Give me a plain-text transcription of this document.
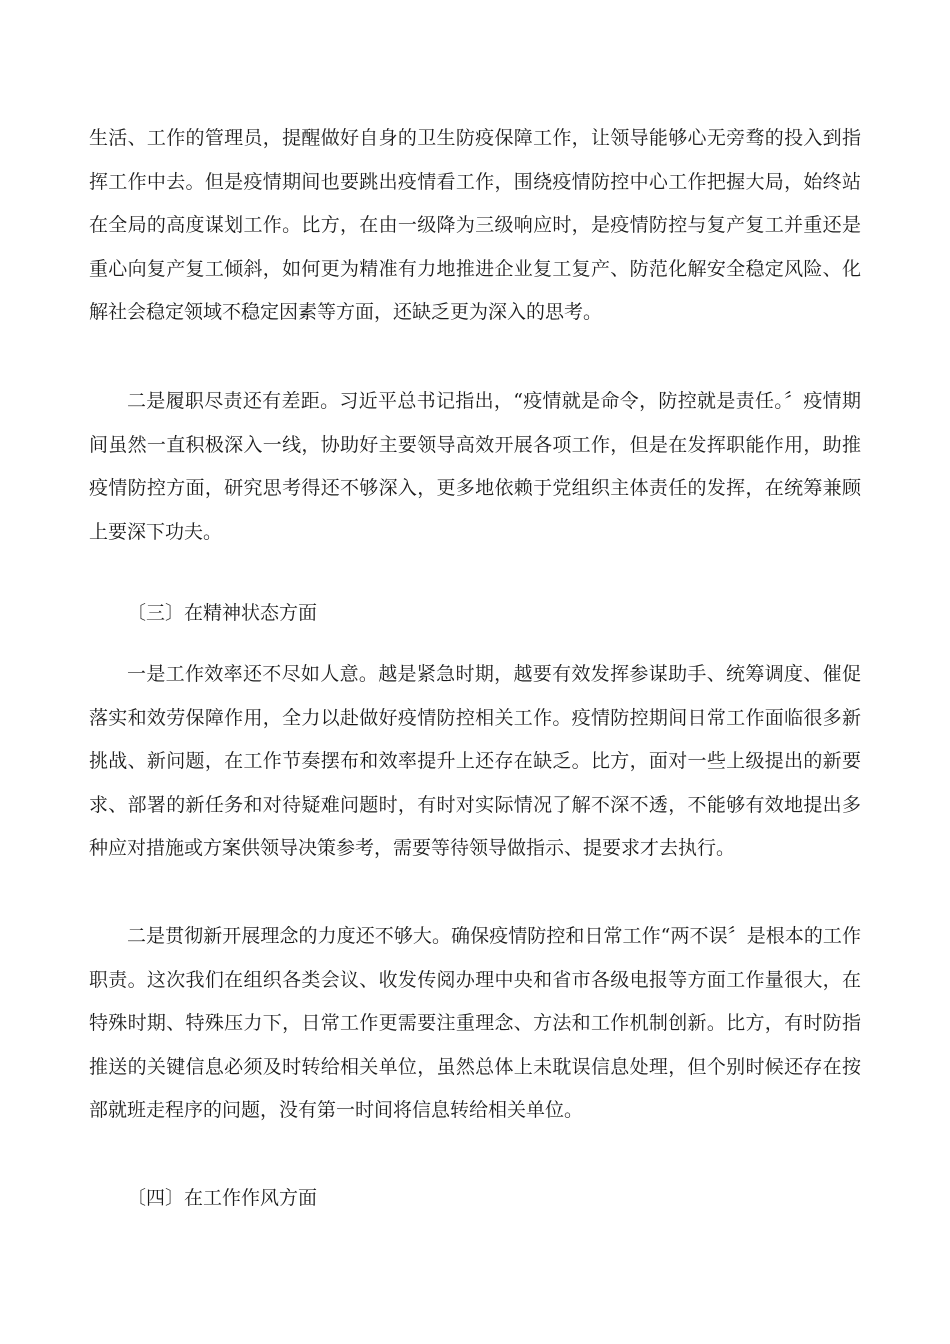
生活、工作的管理员，提醒做好自身的卫生防疫保障工作，让领导能够心无旁骛的投入到指挥工作中去。但是疫情期间也要跳出疫情看工作，围绕疫情防控中心工作把握大局，始终站在全局的高度谋划工作。比方，在由一级降为三级响应时，是疫情防控与复产复工并重还是重心向复产复工倾斜，如何更为精准有力地推进企业复工复产、防范化解安全稳定风险、化解社会稳定领域不稳定因素等方面，还缺乏更为深入的思考。

二是履职尽责还有差距。习近平总书记指出，“疫情就是命令，防控就是责任。〞疫情期间虽然一直积极深入一线，协助好主要领导高效开展各项工作，但是在发挥职能作用，助推疫情防控方面，研究思考得还不够深入，更多地依赖于党组织主体责任的发挥，在统筹兼顾上要深下功夫。

〔三〕在精神状态方面

一是工作效率还不尽如人意。越是紧急时期，越要有效发挥参谋助手、统筹调度、催促落实和效劳保障作用，全力以赴做好疫情防控相关工作。疫情防控期间日常工作面临很多新挑战、新问题，在工作节奏摆布和效率提升上还存在缺乏。比方，面对一些上级提出的新要求、部署的新任务和对待疑难问题时，有时对实际情况了解不深不透，不能够有效地提出多种应对措施或方案供领导决策参考，需要等待领导做指示、提要求才去执行。

二是贯彻新开展理念的力度还不够大。确保疫情防控和日常工作“两不误〞是根本的工作职责。这次我们在组织各类会议、收发传阅办理中央和省市各级电报等方面工作量很大，在特殊时期、特殊压力下，日常工作更需要注重理念、方法和工作机制创新。比方，有时防指推送的关键信息必须及时转给相关单位，虽然总体上未耽误信息处理，但个别时候还存在按部就班走程序的问题，没有第一时间将信息转给相关单位。

〔四〕在工作作风方面
